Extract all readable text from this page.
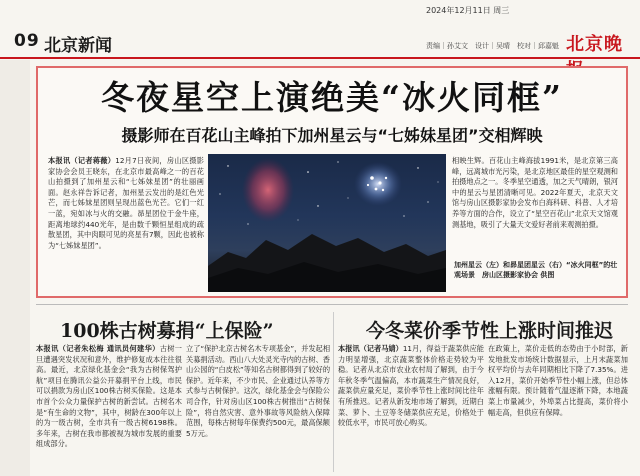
09 北京新闻
2024年12月11日 周三
责编｜孙艾文　设计｜吴晴　校对｜邱嘉魁 北京晚
冬夜星空上演绝美“冰火同框”
摄影师在百花山主峰拍下加州星云与“七姊妹星团”交相辉映
本报讯（记者蒋薇）12月7日夜间，房山区摄影家协会会员王晓东，在北京市最高峰之一的百花山拍摄到了加州星云和“七姊妹星团”的壮丽画面。赵永祥告诉记者，加州星云发出的是红色光芒，而七姊妹星团则呈现出蓝色光芒。它们一红一蓝，宛如冰与火的交融。昴星团位于金牛座，距离地球约440光年，是由数千颗恒星组成的疏散星团，其中肉眼可见的亮星有7颗，因此也被称为“七姊妹星团”。
相映生辉。百花山主峰海拔1991米，是北京第三高峰，远离城市光污染，是北京地区最佳的星空观测和拍摄地点之一。冬季星空通透，加之天气晴朗，银河中的星云与星团清晰可见。2022年夏天，北京天文馆与房山区摄影家协会发布白海科研、科普、人才培养等方面的合作，设立了“星空百花山”北京天文馆观测基地，吸引了大量天文爱好者前来观测拍摄。
加州星云（左）和昴星团星云（右）“冰火同框”的壮观场景　房山区摄影家协会 供图
100株古树募捐“上保险”
本报讯（记者朱松梅 通讯员何建华）古树一旦遭遇突发状况和意外，维护修复成本往往很高。最近，北京绿化基金会“我为古树保驾护航”项目在腾讯公益公开募捐平台上线，市民可以捐款为房山区100株古树买保险。这是本市首个公众力量保护古树的新尝试。古树名木是“有生命的文物”，其中，树龄在300年以上的为一级古树，全市共有一级古树6198株。多年来，古树在我市都被视为城市发展的重要组成部分。
立了“保护北京古树名木专项基金”，并发起相关募捐活动。西山八大处灵光寺内的古树、香山公园的“白皮松”等知名古树都得到了较好的保护。近年来，不少市民、企业通过认养等方式参与古树保护。这次，绿化基金会与保险公司合作，针对房山区100株古树推出“古树保险”，将自然灾害、意外事故等风险纳入保障范围，每株古树每年保费约500元，最高保额5万元。
今冬菜价季节性上涨时间推迟
本报讯（记者马婧）11月，得益于蔬菜供应能力明显增强，北京蔬菜整体价格走势较为平稳。记者从北京市农业农村局了解到，由于今年秋冬季气温偏高，本市蔬菜生产情况良好，蔬菜供应量充足，菜价季节性上涨时间比往年有所推迟。记者从新发地市场了解到，近期白菜、萝卜、土豆等冬储菜供应充足，价格处于较低水平，市民可放心购买。
在政策上，菜价走低的态势由于小时部，新发地批发市场统计数据显示，上月末蔬菜加权平均价与去年同期相比下降了7.35%。进入12月，菜价开始季节性小幅上涨，但总体涨幅有限。预计随着气温逐渐下降，本地蔬菜上市量减少，外埠菜占比提高，菜价将小幅走高，但供应有保障。
